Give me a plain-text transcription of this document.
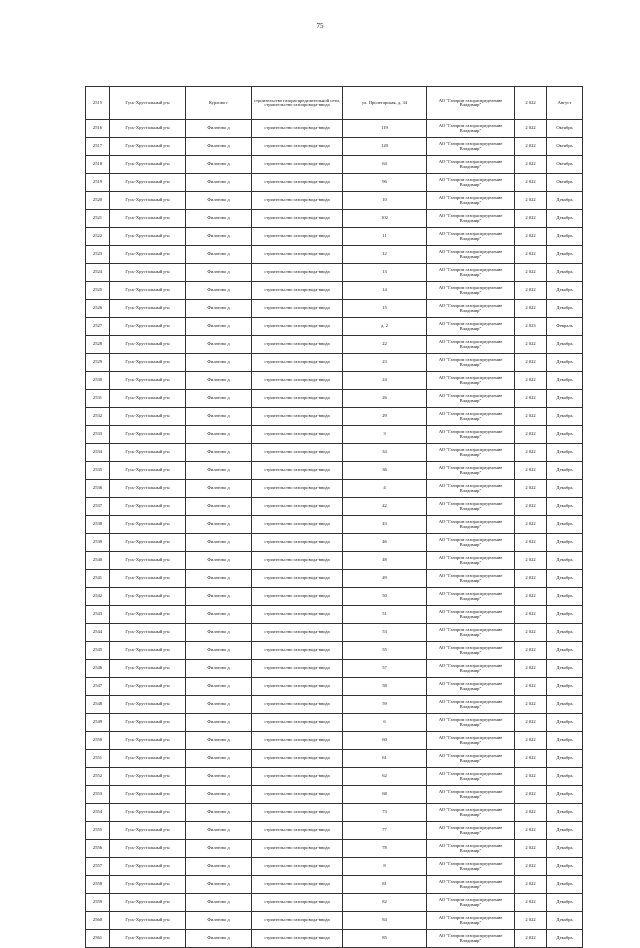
75
2515	Гусь-Хрустальный р-н	Курлово г	строительство газораспределительной сети, строительство газопровода-ввода	ул. Пролетарская, д. 34	АО "Газпром газораспределение Владимир"	2 022	Август
2516	Гусь-Хрустальный р-н	Филатово д	строительство газопровода-ввода	119	АО "Газпром газораспределение Владимир"	2 022	Октябрь
2517	Гусь-Хрустальный р-н	Филатово д	строительство газопровода-ввода	120	АО "Газпром газораспределение Владимир"	2 022	Октябрь
2518	Гусь-Хрустальный р-н	Филатово д	строительство газопровода-ввода	64	АО "Газпром газораспределение Владимир"	2 022	Октябрь
2519	Гусь-Хрустальный р-н	Филатово д	строительство газопровода-ввода	96	АО "Газпром газораспределение Владимир"	2 022	Октябрь
2520	Гусь-Хрустальный р-н	Филатово д	строительство газопровода-ввода	10	АО "Газпром газораспределение Владимир"	2 022	Декабрь
2521	Гусь-Хрустальный р-н	Филатово д	строительство газопровода-ввода	102	АО "Газпром газораспределение Владимир"	2 022	Декабрь
2522	Гусь-Хрустальный р-н	Филатово д	строительство газопровода-ввода	11	АО "Газпром газораспределение Владимир"	2 022	Декабрь
2523	Гусь-Хрустальный р-н	Филатово д	строительство газопровода-ввода	12	АО "Газпром газораспределение Владимир"	2 022	Декабрь
2524	Гусь-Хрустальный р-н	Филатово д	строительство газопровода-ввода	13	АО "Газпром газораспределение Владимир"	2 022	Декабрь
2525	Гусь-Хрустальный р-н	Филатово д	строительство газопровода-ввода	14	АО "Газпром газораспределение Владимир"	2 022	Декабрь
2526	Гусь-Хрустальный р-н	Филатово д	строительство газопровода-ввода	15	АО "Газпром газораспределение Владимир"	2 022	Декабрь
2527	Гусь-Хрустальный р-н	Филатово д	строительство газопровода-ввода	д. 2	АО "Газпром газораспределение Владимир"	2 023	Февраль
2528	Гусь-Хрустальный р-н	Филатово д	строительство газопровода-ввода	22	АО "Газпром газораспределение Владимир"	2 022	Декабрь
2529	Гусь-Хрустальный р-н	Филатово д	строительство газопровода-ввода	23	АО "Газпром газораспределение Владимир"	2 022	Декабрь
2530	Гусь-Хрустальный р-н	Филатово д	строительство газопровода-ввода	24	АО "Газпром газораспределение Владимир"	2 022	Декабрь
2531	Гусь-Хрустальный р-н	Филатово д	строительство газопровода-ввода	26	АО "Газпром газораспределение Владимир"	2 022	Декабрь
2532	Гусь-Хрустальный р-н	Филатово д	строительство газопровода-ввода	29	АО "Газпром газораспределение Владимир"	2 022	Декабрь
2533	Гусь-Хрустальный р-н	Филатово д	строительство газопровода-ввода	3	АО "Газпром газораспределение Владимир"	2 022	Декабрь
2534	Гусь-Хрустальный р-н	Филатово д	строительство газопровода-ввода	34	АО "Газпром газораспределение Владимир"	2 022	Декабрь
2535	Гусь-Хрустальный р-н	Филатово д	строительство газопровода-ввода	36	АО "Газпром газораспределение Владимир"	2 022	Декабрь
2536	Гусь-Хрустальный р-н	Филатово д	строительство газопровода-ввода	4	АО "Газпром газораспределение Владимир"	2 022	Декабрь
2537	Гусь-Хрустальный р-н	Филатово д	строительство газопровода-ввода	42	АО "Газпром газораспределение Владимир"	2 022	Декабрь
2538	Гусь-Хрустальный р-н	Филатово д	строительство газопровода-ввода	43	АО "Газпром газораспределение Владимир"	2 022	Декабрь
2539	Гусь-Хрустальный р-н	Филатово д	строительство газопровода-ввода	46	АО "Газпром газораспределение Владимир"	2 022	Декабрь
2540	Гусь-Хрустальный р-н	Филатово д	строительство газопровода-ввода	48	АО "Газпром газораспределение Владимир"	2 022	Декабрь
2541	Гусь-Хрустальный р-н	Филатово д	строительство газопровода-ввода	49	АО "Газпром газораспределение Владимир"	2 022	Декабрь
2542	Гусь-Хрустальный р-н	Филатово д	строительство газопровода-ввода	50	АО "Газпром газораспределение Владимир"	2 022	Декабрь
2543	Гусь-Хрустальный р-н	Филатово д	строительство газопровода-ввода	51	АО "Газпром газораспределение Владимир"	2 022	Декабрь
2544	Гусь-Хрустальный р-н	Филатово д	строительство газопровода-ввода	53	АО "Газпром газораспределение Владимир"	2 022	Декабрь
2545	Гусь-Хрустальный р-н	Филатово д	строительство газопровода-ввода	55	АО "Газпром газораспределение Владимир"	2 022	Декабрь
2546	Гусь-Хрустальный р-н	Филатово д	строительство газопровода-ввода	57	АО "Газпром газораспределение Владимир"	2 022	Декабрь
2547	Гусь-Хрустальный р-н	Филатово д	строительство газопровода-ввода	58	АО "Газпром газораспределение Владимир"	2 022	Декабрь
2548	Гусь-Хрустальный р-н	Филатово д	строительство газопровода-ввода	59	АО "Газпром газораспределение Владимир"	2 022	Декабрь
2549	Гусь-Хрустальный р-н	Филатово д	строительство газопровода-ввода	6	АО "Газпром газораспределение Владимир"	2 022	Декабрь
2550	Гусь-Хрустальный р-н	Филатово д	строительство газопровода-ввода	60	АО "Газпром газораспределение Владимир"	2 022	Декабрь
2551	Гусь-Хрустальный р-н	Филатово д	строительство газопровода-ввода	61	АО "Газпром газораспределение Владимир"	2 022	Декабрь
2552	Гусь-Хрустальный р-н	Филатово д	строительство газопровода-ввода	62	АО "Газпром газораспределение Владимир"	2 022	Декабрь
2553	Гусь-Хрустальный р-н	Филатово д	строительство газопровода-ввода	68	АО "Газпром газораспределение Владимир"	2 022	Декабрь
2554	Гусь-Хрустальный р-н	Филатово д	строительство газопровода-ввода	73	АО "Газпром газораспределение Владимир"	2 022	Декабрь
2555	Гусь-Хрустальный р-н	Филатово д	строительство газопровода-ввода	77	АО "Газпром газораспределение Владимир"	2 022	Декабрь
2556	Гусь-Хрустальный р-н	Филатово д	строительство газопровода-ввода	78	АО "Газпром газораспределение Владимир"	2 022	Декабрь
2557	Гусь-Хрустальный р-н	Филатово д	строительство газопровода-ввода	8	АО "Газпром газораспределение Владимир"	2 022	Декабрь
2558	Гусь-Хрустальный р-н	Филатово д	строительство газопровода-ввода	81	АО "Газпром газораспределение Владимир"	2 022	Декабрь
2559	Гусь-Хрустальный р-н	Филатово д	строительство газопровода-ввода	82	АО "Газпром газораспределение Владимир"	2 022	Декабрь
2560	Гусь-Хрустальный р-н	Филатово д	строительство газопровода-ввода	84	АО "Газпром газораспределение Владимир"	2 022	Декабрь
2561	Гусь-Хрустальный р-н	Филатово д	строительство газопровода-ввода	85	АО "Газпром газораспределение Владимир"	2 022	Декабрь
